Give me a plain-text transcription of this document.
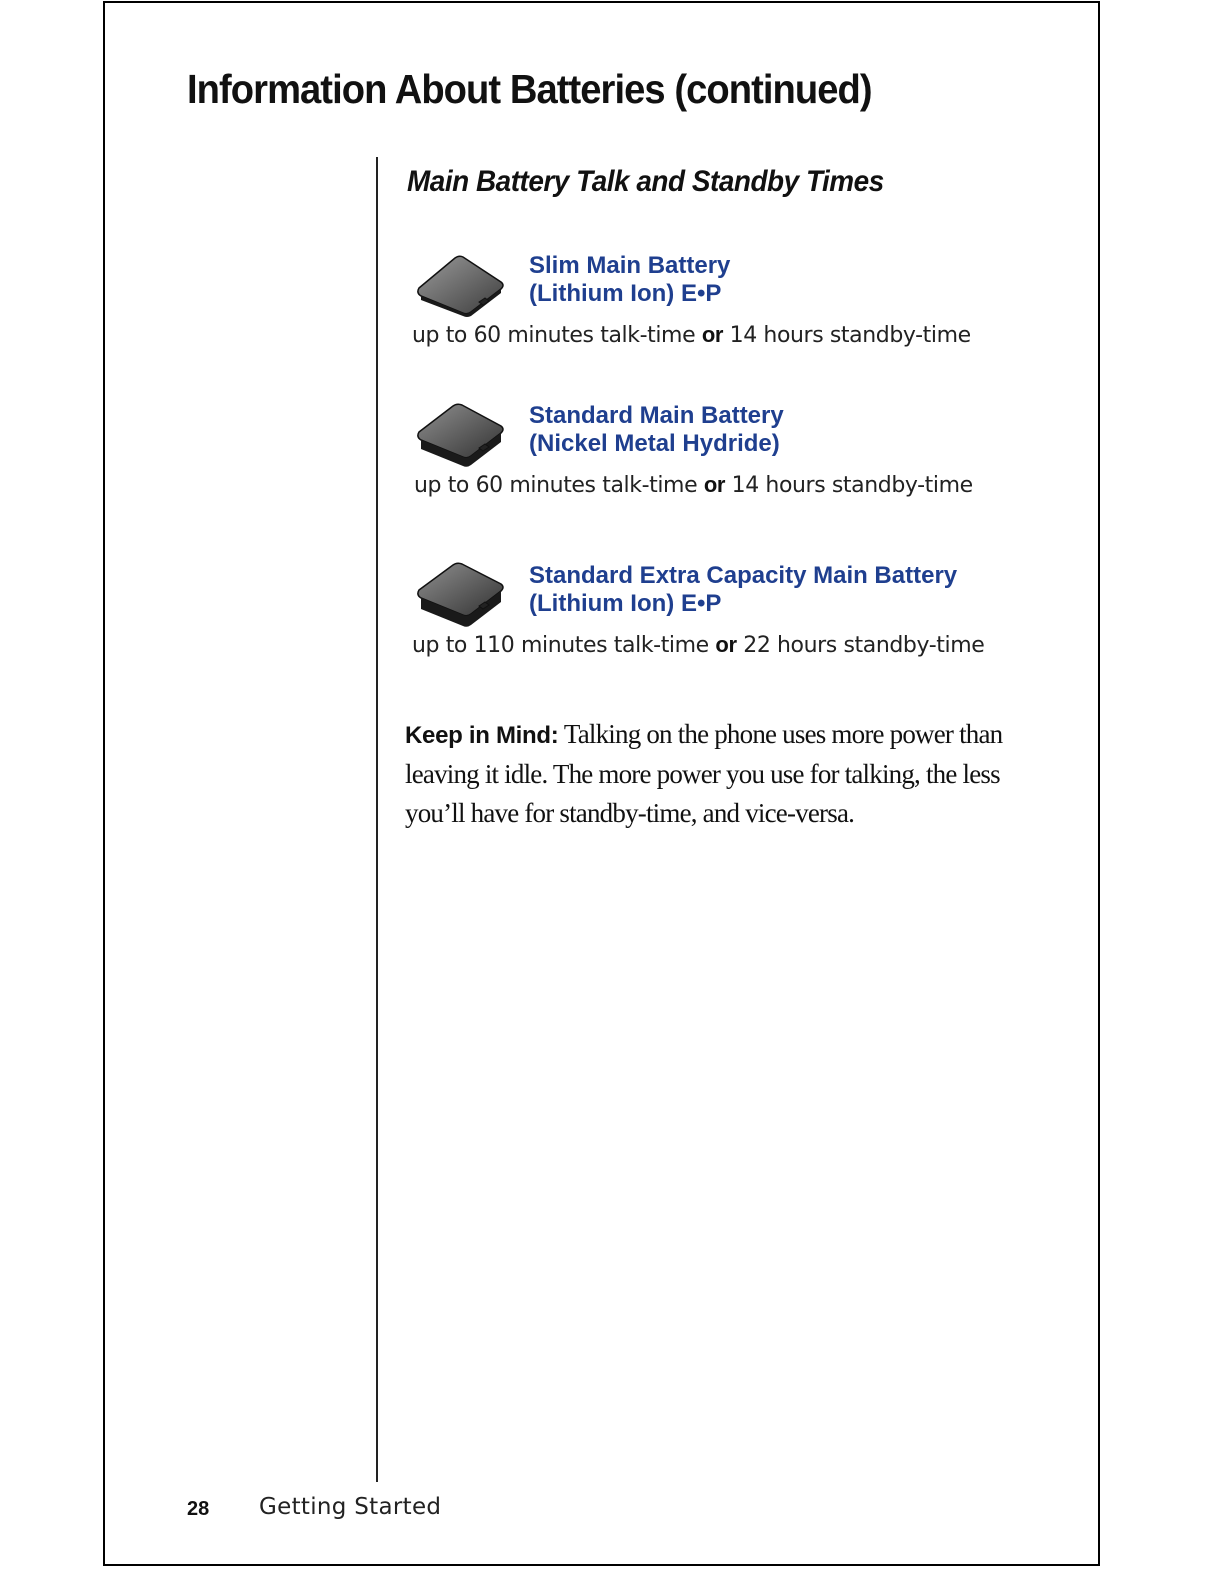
Information About Batteries (continued)
Main Battery Talk and Standby Times
Slim Main Battery
(Lithium Ion) E•P
up to 60 minutes talk-time or 14 hours standby-time
Standard Main Battery
(Nickel Metal Hydride)
up to 60 minutes talk-time or 14 hours standby-time
Standard Extra Capacity Main Battery
(Lithium Ion) E•P
up to 110 minutes talk-time or 22 hours standby-time

Keep in Mind: Talking on the phone uses more power than leaving it idle. The more power you use for talking, the less you’ll have for standby-time, and vice-versa.

28 Getting Started
